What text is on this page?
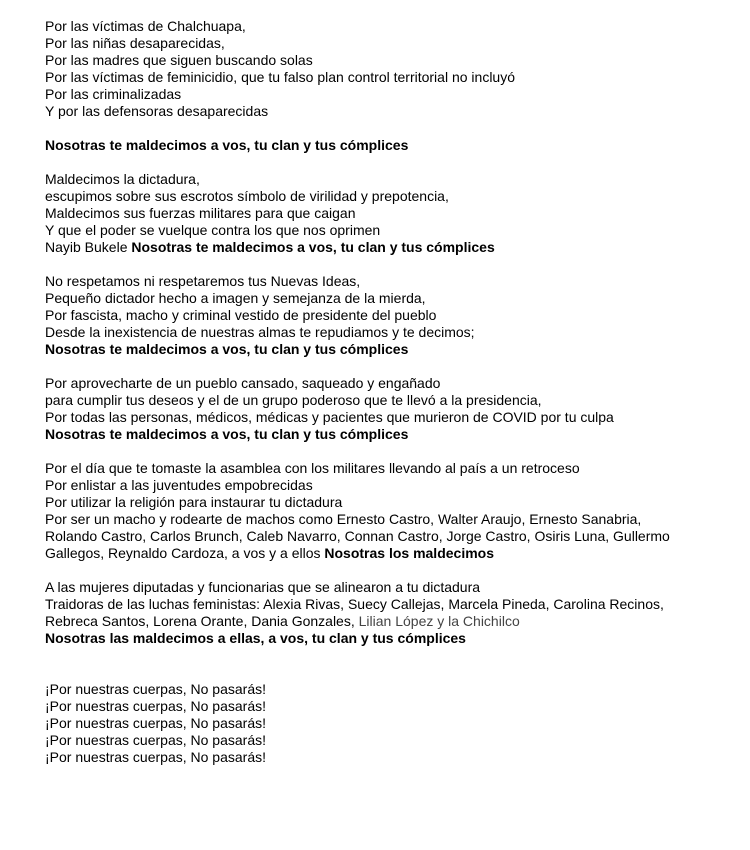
Por las víctimas de Chalchuapa,
Por las niñas desaparecidas,
Por las madres que siguen buscando solas
Por las víctimas de feminicidio, que tu falso plan control territorial no incluyó
Por las criminalizadas
Y por las defensoras desaparecidas
Nosotras te maldecimos a vos, tu clan y tus cómplices
Maldecimos la dictadura,
escupimos sobre sus escrotos símbolo de virilidad y prepotencia,
Maldecimos sus fuerzas militares para que caigan
Y que el poder se vuelque contra los que nos oprimen
Nayib Bukele Nosotras te maldecimos a vos, tu clan y tus cómplices
No respetamos ni respetaremos tus Nuevas Ideas,
Pequeño dictador hecho a imagen y semejanza de la mierda,
Por fascista, macho y criminal vestido de presidente del pueblo
Desde la inexistencia de nuestras almas te repudiamos y te decimos;
Nosotras te maldecimos a vos, tu clan y tus cómplices
Por aprovecharte de un pueblo cansado, saqueado y engañado
para cumplir tus deseos y el de un grupo poderoso que te llevó a la presidencia,
Por todas las personas, médicos, médicas y pacientes que murieron de COVID por tu culpa
Nosotras te maldecimos a vos, tu clan y tus cómplices
Por el día que te tomaste la asamblea con los militares llevando al país a un retroceso
Por enlistar a las juventudes empobrecidas
Por utilizar la religión para instaurar tu dictadura
Por ser un macho y rodearte de machos como Ernesto Castro, Walter Araujo, Ernesto Sanabria,
Rolando Castro, Carlos Brunch, Caleb Navarro, Connan Castro, Jorge Castro, Osiris Luna, Gullermo
Gallegos, Reynaldo Cardoza, a vos y a ellos Nosotras los maldecimos
A las mujeres diputadas y funcionarias que se alinearon a tu dictadura
Traidoras de las luchas feministas: Alexia Rivas, Suecy Callejas, Marcela Pineda, Carolina Recinos,
Rebreca Santos, Lorena Orante, Dania Gonzales, Lilian López y la Chichilco
Nosotras las maldecimos a ellas, a vos, tu clan y tus cómplices
¡Por nuestras cuerpas, No pasarás!
¡Por nuestras cuerpas, No pasarás!
¡Por nuestras cuerpas, No pasarás!
¡Por nuestras cuerpas, No pasarás!
¡Por nuestras cuerpas, No pasarás!
